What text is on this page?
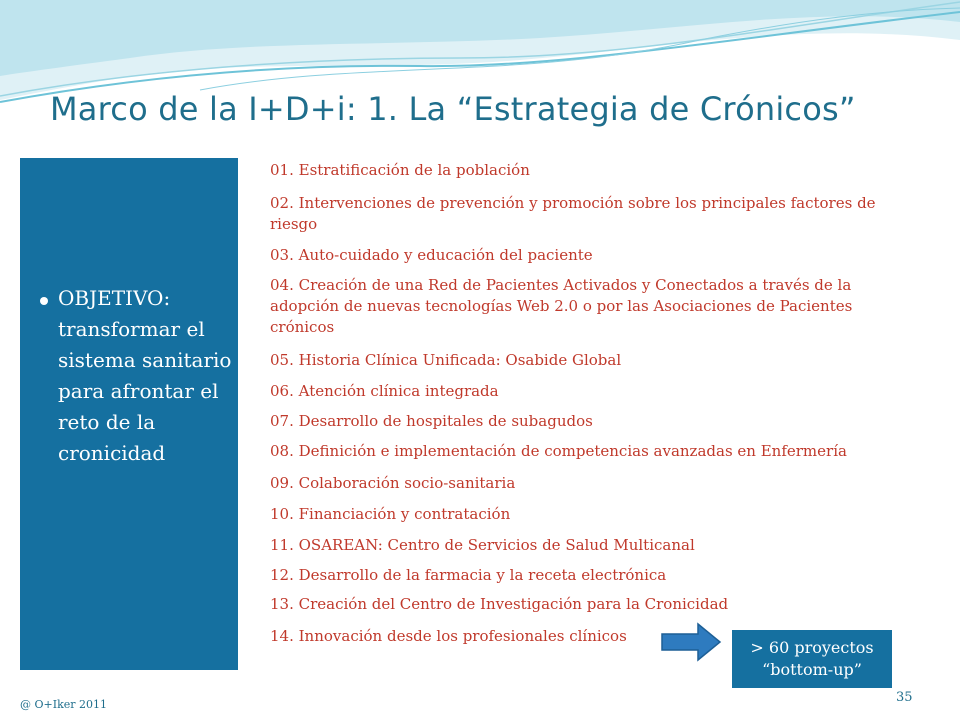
Marco de la I+D+i: 1. La “Estrategia de Crónicos”
OBJETIVO: transformar el sistema sanitario para afrontar el reto de la cronicidad
01. Estratificación de la población
02. Intervenciones de prevención y promoción sobre los principales factores de riesgo
03. Auto-cuidado y educación del paciente
04. Creación de una Red de Pacientes Activados y Conectados a través de la adopción de nuevas tecnologías Web 2.0 o por las Asociaciones de Pacientes crónicos
05. Historia Clínica Unificada: Osabide Global
06. Atención clínica integrada
07. Desarrollo de hospitales de subagudos
08. Definición e implementación de competencias avanzadas en Enfermería
09. Colaboración socio-sanitaria
10. Financiación y contratación
11. OSAREAN: Centro de Servicios de Salud Multicanal
12. Desarrollo de la farmacia y la receta electrónica
13. Creación del Centro de Investigación para la Cronicidad
14. Innovación desde los profesionales clínicos
> 60 proyectos
“bottom-up”
@ O+Iker 2011	35
